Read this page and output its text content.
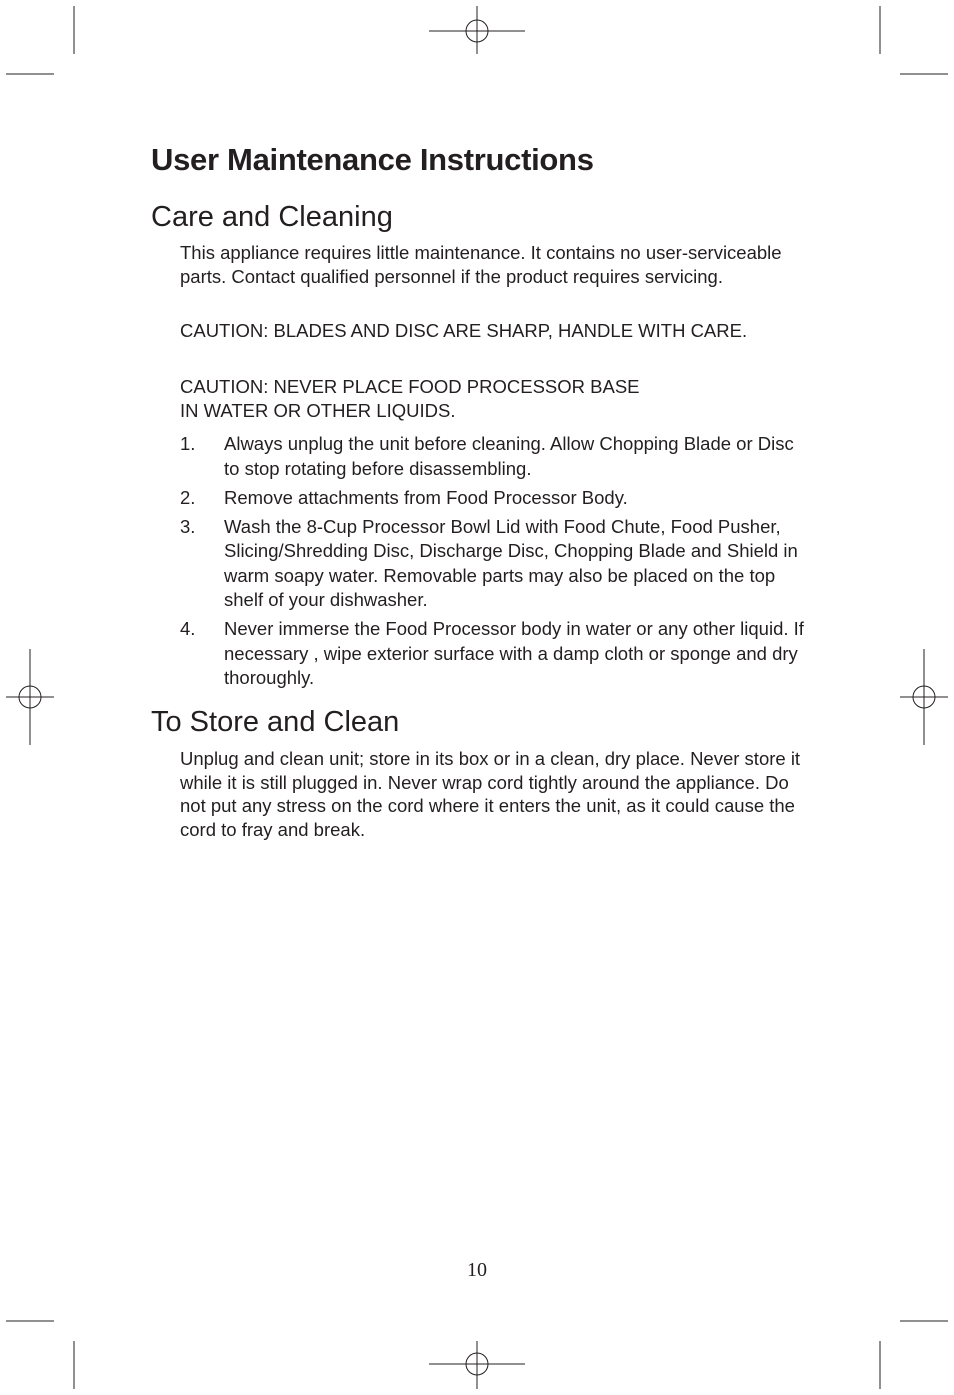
User Maintenance Instructions
Care and Cleaning

This appliance requires little maintenance. It contains no user-serviceable parts. Contact qualified personnel if the product requires servicing.

CAUTION: BLADES AND DISC ARE SHARP, HANDLE WITH CARE.

CAUTION: NEVER PLACE FOOD PROCESSOR BASE
IN WATER OR OTHER LIQUIDS.

1. Always unplug the unit before cleaning. Allow Chopping Blade or Disc to stop rotating before disassembling.
2. Remove attachments from Food Processor Body.
3. Wash the 8-Cup Processor Bowl Lid with Food Chute, Food Pusher, Slicing/Shredding Disc, Discharge Disc, Chopping Blade and Shield in warm soapy water. Removable parts may also be placed on the top shelf of your dishwasher.
4. Never immerse the Food Processor body in water or any other liquid. If necessary , wipe exterior surface with a damp cloth or sponge and dry thoroughly.
To Store and Clean

Unplug and clean unit; store in its box or in a clean, dry place. Never store it while it is still plugged in. Never wrap cord tightly around the appliance. Do not put any stress on the cord where it enters the unit, as it could cause the cord to fray and break.

10
